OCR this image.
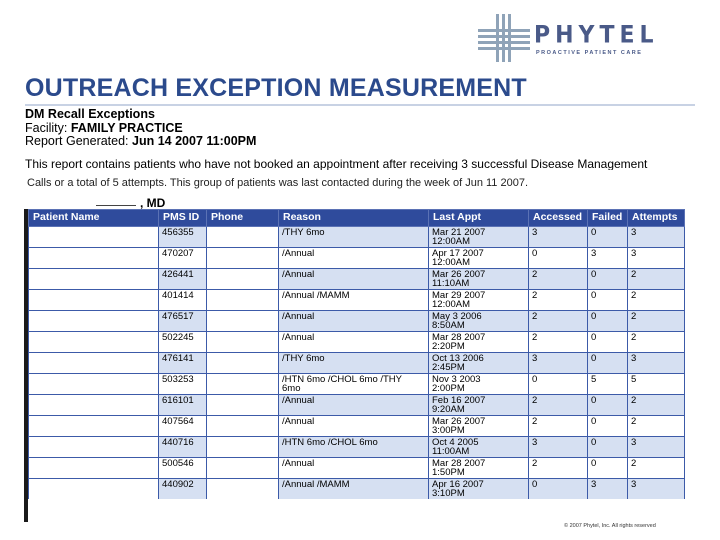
PHYTEL
PROACTIVE PATIENT CARE
OUTREACH EXCEPTION MEASUREMENT
DM Recall Exceptions
Facility: FAMILY PRACTICE
Report Generated: Jun 14 2007 11:00PM
This report contains patients who have not booked an appointment after receiving 3 successful Disease Management
Calls or a total of 5 attempts. This group of patients was last contacted during the week of Jun 11 2007.
, MD
Patient Name	PMS ID	Phone	Reason	Last Appt	Accessed	Failed	Attempts
	456355		/THY 6mo	Mar 21 2007
12:00AM	3	0	3
	470207		/Annual	Apr 17 2007
12:00AM	0	3	3
	426441		/Annual	Mar 26 2007
11:10AM	2	0	2
	401414		/Annual /MAMM	Mar 29 2007
12:00AM	2	0	2
	476517		/Annual	May 3 2006
8:50AM	2	0	2
	502245		/Annual	Mar 28 2007
2:20PM	2	0	2
	476141		/THY 6mo	Oct 13 2006
2:45PM	3	0	3
	503253		/HTN 6mo /CHOL 6mo /THY
6mo	Nov 3 2003
2:00PM	0	5	5
	616101		/Annual	Feb 16 2007
9:20AM	2	0	2
	407564		/Annual	Mar 26 2007
3:00PM	2	0	2
	440716		/HTN 6mo /CHOL 6mo	Oct 4 2005
11:00AM	3	0	3
	500546		/Annual	Mar 28 2007
1:50PM	2	0	2
	440902		/Annual /MAMM	Apr 16 2007
3:10PM	0	3	3
© 2007 Phytel, Inc. All rights reserved
